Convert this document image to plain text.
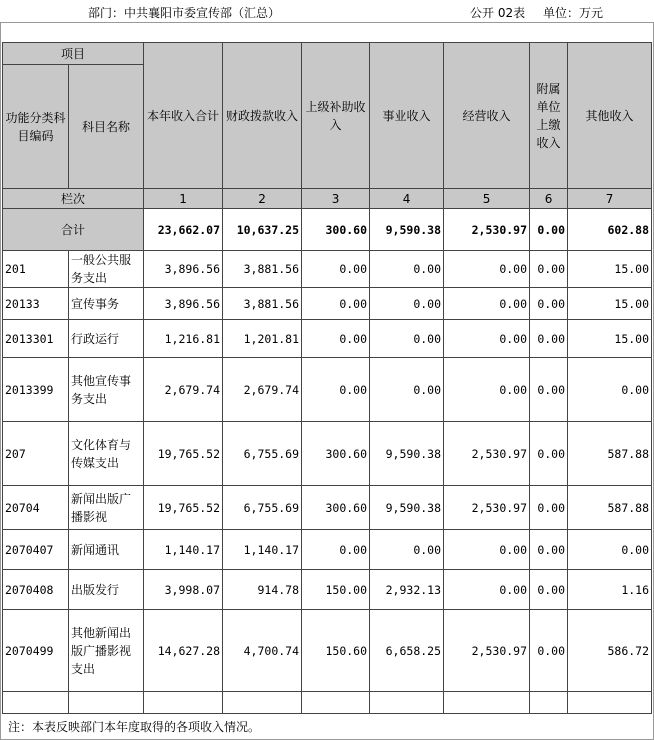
部门：中共襄阳市委宣传部（汇总）	公开 02表 单位：万元
项目		本年收入合计	财政拨款收入	上级补助收入	事业收入	经营收入	附属单位上缴收入	其他收入
功能分类科目编码	科目名称							
栏次		1	2	3	4	5	6	7
合计		23,662.07	10,637.25	300.60	9,590.38	2,530.97	0.00	602.88
201	一般公共服务支出	3,896.56	3,881.56	0.00	0.00	0.00	0.00	15.00
20133	宣传事务	3,896.56	3,881.56	0.00	0.00	0.00	0.00	15.00
2013301	行政运行	1,216.81	1,201.81	0.00	0.00	0.00	0.00	15.00
2013399	其他宣传事务支出	2,679.74	2,679.74	0.00	0.00	0.00	0.00	0.00
207	文化体育与传媒支出	19,765.52	6,755.69	300.60	9,590.38	2,530.97	0.00	587.88
20704	新闻出版广播影视	19,765.52	6,755.69	300.60	9,590.38	2,530.97	0.00	587.88
2070407	新闻通讯	1,140.17	1,140.17	0.00	0.00	0.00	0.00	0.00
2070408	出版发行	3,998.07	914.78	150.00	2,932.13	0.00	0.00	1.16
2070499	其他新闻出版广播影视支出	14,627.28	4,700.74	150.60	6,658.25	2,530.97	0.00	586.72

注：本表反映部门本年度取得的各项收入情况。
